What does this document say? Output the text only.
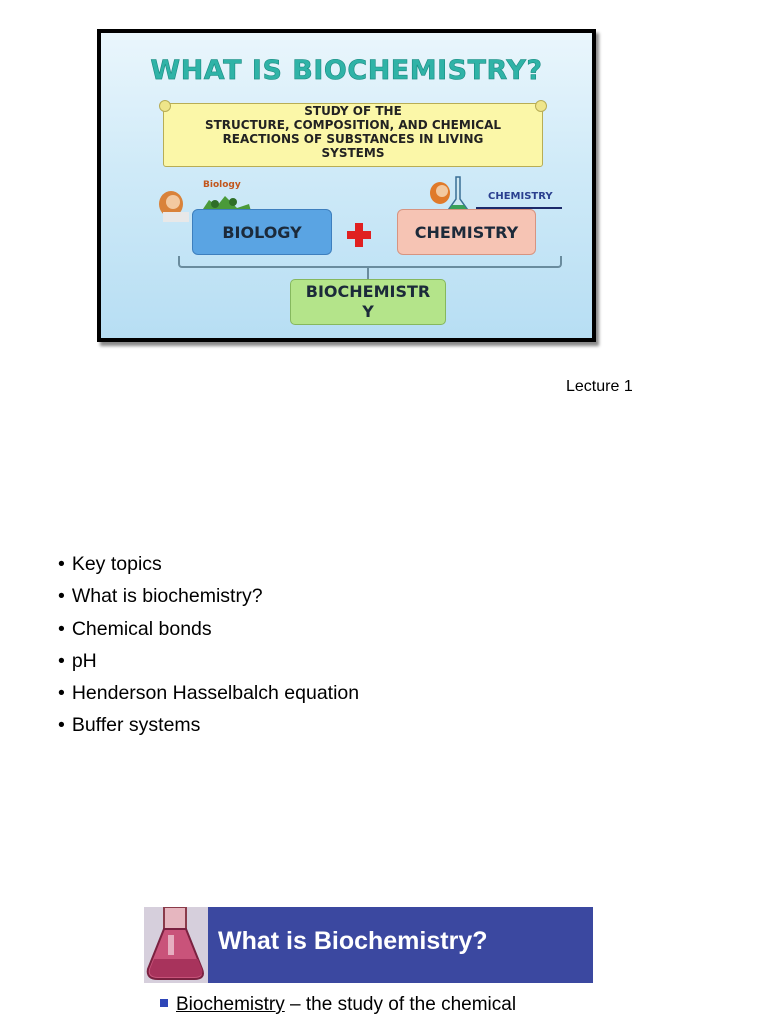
WHAT IS BIOCHEMISTRY?
STUDY OF THE
STRUCTURE, COMPOSITION, AND CHEMICAL
REACTIONS OF SUBSTANCES IN LIVING
SYSTEMS
Biology
CHEMISTRY
BIOLOGY	CHEMISTRY
BIOCHEMISTR
Y
Lecture 1
• Key topics
• What is biochemistry?
• Chemical bonds
• pH
• Henderson Hasselbalch equation
• Buffer systems
What is Biochemistry?
Biochemistry – the study of the chemical
